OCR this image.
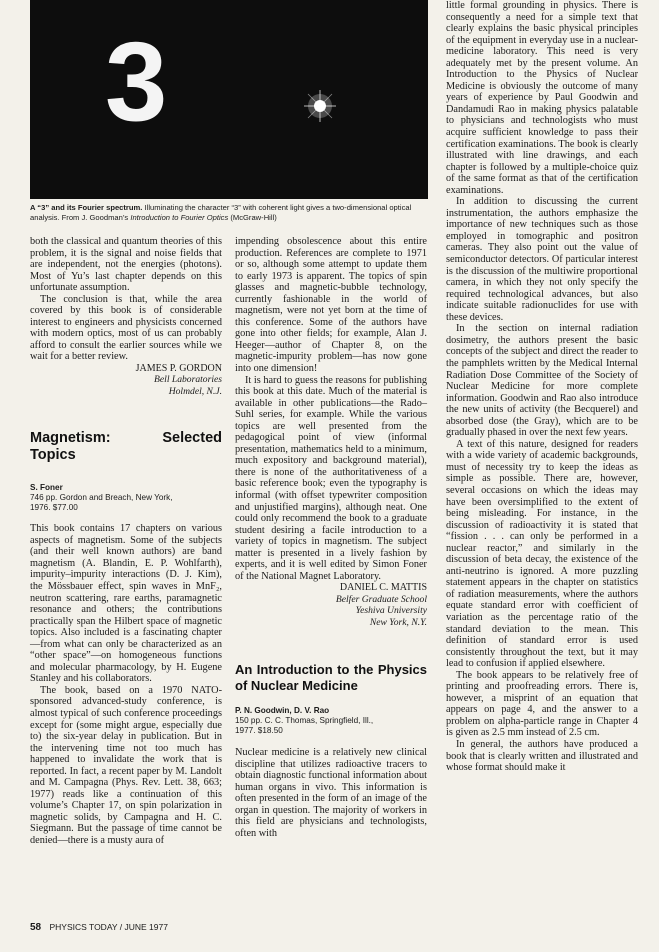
3
A “3” and its Fourier spectrum. Illuminating the character “3” with coherent light gives a two-dimensional optical analysis. From J. Goodman’s Introduction to Fourier Optics (McGraw-Hill)

both the classical and quantum theories of this problem, it is the signal and noise fields that are independent, not the energies (photons). Most of Yu’s last chapter depends on this unfortunate assumption.

The conclusion is that, while the area covered by this book is of considerable interest to engineers and physicists concerned with modern optics, most of us can probably afford to consult the earlier sources while we wait for a better review.

JAMES P. GORDON
Bell Laboratories
Holmdel, N.J.
Magnetism: Selected Topics
S. Foner
746 pp. Gordon and Breach, New York,
1976. $77.00

This book contains 17 chapters on various aspects of magnetism. Some of the subjects (and their well known authors) are band magnetism (A. Blandin, E. P. Wohlfarth), impurity–impurity interactions (D. J. Kim), the Mössbauer effect, spin waves in MnF₂, neutron scattering, rare earths, paramagnetic resonance and others; the contributions practically span the Hilbert space of magnetic topics. Also included is a fascinating chapter—from what can only be characterized as an “other space”—on homogeneous functions and molecular pharmacology, by H. Eugene Stanley and his collaborators.

The book, based on a 1970 NATO-sponsored advanced-study conference, is almost typical of such conference proceedings except for (some might argue, especially due to) the six-year delay in publication. But in the intervening time not too much has happened to invalidate the work that is reported. In fact, a recent paper by M. Landolt and M. Campagna (Phys. Rev. Lett. 38, 663; 1977) reads like a continuation of this volume’s Chapter 17, on spin polarization in magnetic solids, by Campagna and H. C. Siegmann. But the passage of time cannot be denied—there is a musty aura of

impending obsolescence about this entire production. References are complete to 1971 or so, although some attempt to update them to early 1973 is apparent. The topics of spin glasses and magnetic-bubble technology, currently fashionable in the world of magnetism, were not yet born at the time of this conference. Some of the authors have gone into other fields; for example, Alan J. Heeger—author of Chapter 8, on the magnetic-impurity problem—has now gone into one dimension!

It is hard to guess the reasons for publishing this book at this date. Much of the material is available in other publications—the Rado–Suhl series, for example. While the various topics are well presented from the pedagogical point of view (informal presentation, mathematics held to a minimum, much expository and background material), there is none of the authoritativeness of a basic reference book; even the typography is informal (with offset typewriter composition and unjustified margins), although neat. One could only recommend the book to a graduate student desiring a facile introduction to a variety of topics in magnetism. The subject matter is presented in a lively fashion by experts, and it is well edited by Simon Foner of the National Magnet Laboratory.

DANIEL C. MATTIS
Belfer Graduate School
Yeshiva University
New York, N.Y.
An Introduction to the Physics of Nuclear Medicine
P. N. Goodwin, D. V. Rao
150 pp. C. C. Thomas, Springfield, Ill.,
1977. $18.50

Nuclear medicine is a relatively new clinical discipline that utilizes radioactive tracers to obtain diagnostic functional information about human organs in vivo. This information is often presented in the form of an image of the organ in question. The majority of workers in this field are physicians and technologists, often with

little formal grounding in physics. There is consequently a need for a simple text that clearly explains the basic physical principles of the equipment in everyday use in a nuclear-medicine laboratory. This need is very adequately met by the present volume. An Introduction to the Physics of Nuclear Medicine is obviously the outcome of many years of experience by Paul Goodwin and Dandamudi Rao in making physics palatable to physicians and technologists who must acquire sufficient knowledge to pass their certification examinations. The book is clearly illustrated with line drawings, and each chapter is followed by a multiple-choice quiz of the same format as that of the certification examinations.

In addition to discussing the current instrumentation, the authors emphasize the importance of new techniques such as those employed in tomographic and positron cameras. They also point out the value of semiconductor detectors. Of particular interest is the discussion of the multiwire proportional camera, in which they not only specify the required technological advances, but also indicate suitable radionuclides for use with these devices.

In the section on internal radiation dosimetry, the authors present the basic concepts of the subject and direct the reader to the pamphlets written by the Medical Internal Radiation Dose Committee of the Society of Nuclear Medicine for more complete information. Goodwin and Rao also introduce the new units of activity (the Becquerel) and absorbed dose (the Gray), which are to be gradually phased in over the next few years.

A text of this nature, designed for readers with a wide variety of academic backgrounds, must of necessity try to keep the ideas as simple as possible. There are, however, several occasions on which the ideas may have been oversimplified to the extent of being misleading. For instance, in the discussion of radioactivity it is stated that “fission . . . can only be performed in a nuclear reactor,” and similarly in the discussion of beta decay, the existence of the anti-neutrino is ignored. A more puzzling statement appears in the chapter on statistics of radiation measurements, where the authors equate standard error with coefficient of variation as the percentage ratio of the standard deviation to the mean. This definition of standard error is used consistently throughout the text, but it may lead to confusion if applied elsewhere.

The book appears to be relatively free of printing and proofreading errors. There is, however, a misprint of an equation that appears on page 4, and the answer to a problem on alpha-particle range in Chapter 4 is given as 2.5 mm instead of 2.5 cm.

In general, the authors have produced a book that is clearly written and illustrated and whose format should make it

58 PHYSICS TODAY / JUNE 1977
